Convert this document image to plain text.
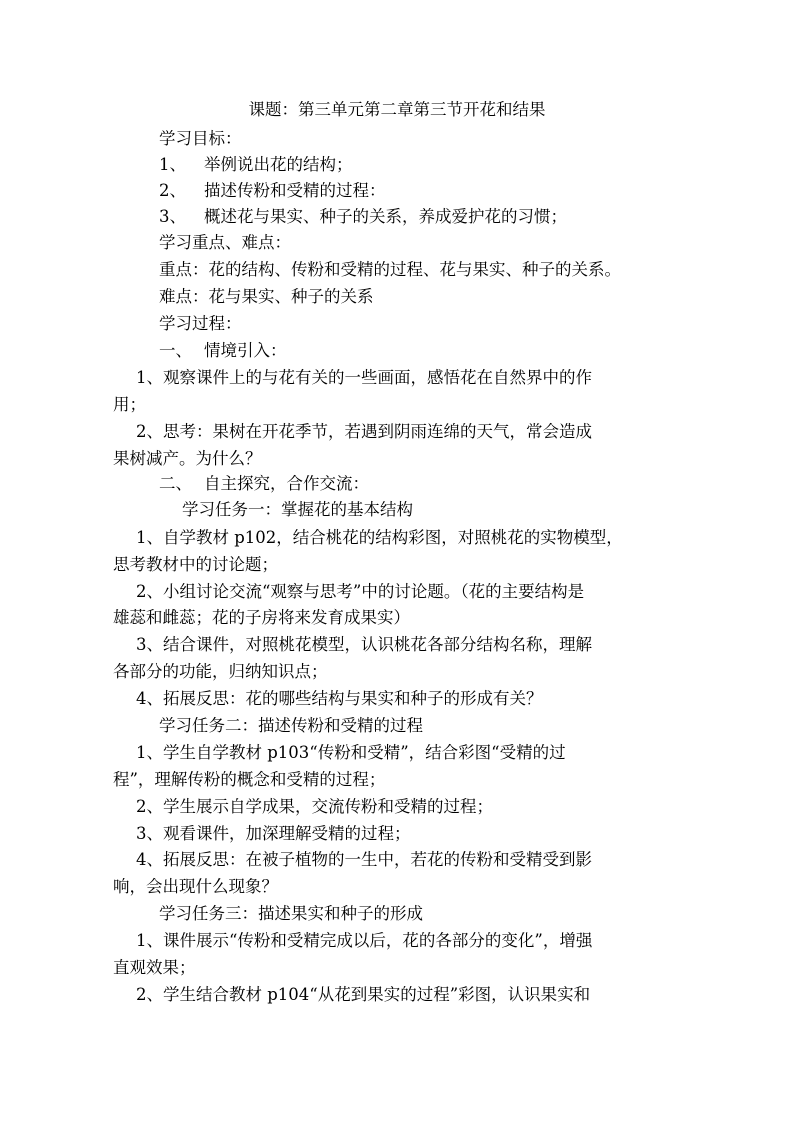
课题：第三单元第二章第三节开花和结果
学习目标：
1、 举例说出花的结构；
2、 描述传粉和受精的过程：
3、 概述花与果实、种子的关系，养成爱护花的习惯；
学习重点、难点：
重点：花的结构、传粉和受精的过程、花与果实、种子的关系。
难点：花与果实、种子的关系
学习过程：
一、 情境引入：
1、观察课件上的与花有关的一些画面，感悟花在自然界中的作
用；
2、思考：果树在开花季节，若遇到阴雨连绵的天气，常会造成
果树减产。为什么？
二、 自主探究，合作交流：
学习任务一：掌握花的基本结构
1、自学教材 p102，结合桃花的结构彩图，对照桃花的实物模型，
思考教材中的讨论题；
2、小组讨论交流“观察与思考”中的讨论题。（花的主要结构是
雄蕊和雌蕊；花的子房将来发育成果实）
3、结合课件，对照桃花模型，认识桃花各部分结构名称，理解
各部分的功能，归纳知识点；
4、拓展反思：花的哪些结构与果实和种子的形成有关？
学习任务二：描述传粉和受精的过程
1、学生自学教材 p103“传粉和受精”，结合彩图“受精的过
程”，理解传粉的概念和受精的过程；
2、学生展示自学成果，交流传粉和受精的过程；
3、观看课件，加深理解受精的过程；
4、拓展反思：在被子植物的一生中，若花的传粉和受精受到影
响，会出现什么现象？
学习任务三：描述果实和种子的形成
1、课件展示“传粉和受精完成以后，花的各部分的变化”，增强
直观效果；
2、学生结合教材 p104“从花到果实的过程”彩图，认识果实和
